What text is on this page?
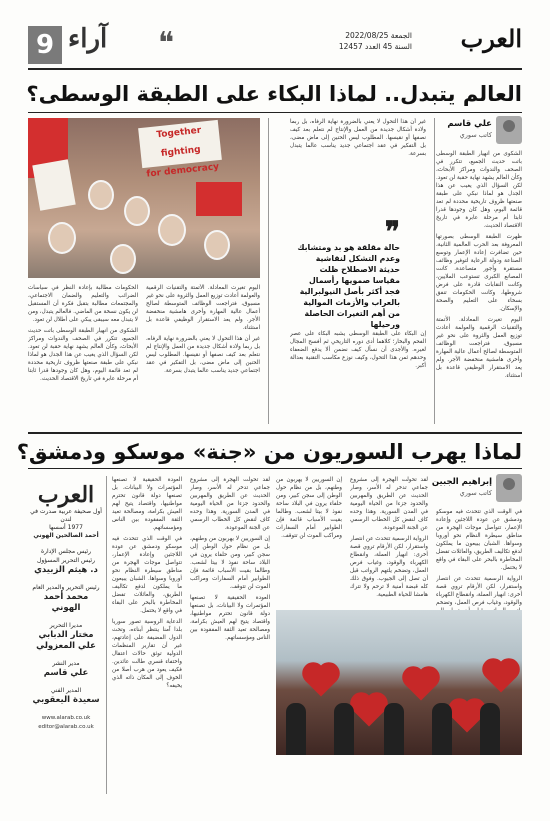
9 آراء ❝	الجمعة 2022/08/25
السنة 45 العدد 12457 العرب
العالم يتبدل.. لماذا البكاء على الطبقة الوسطى؟
علي قاسم
كاتب سوري

الشكوى من انهيار الطبقة الوسطى باتت حديث الجميع، تتكرر في الصحف والندوات ومراكز الأبحاث، وكأن العالم يشهد نهاية حقبة لن تعود. لكن السؤال الذي يغيب عن هذا الجدل هو لماذا نبكي على طبقة صنعتها ظروف تاريخية محددة لم تعد قائمة اليوم، وهل كان وجودها قدرا ثابتا أم مرحلة عابرة في تاريخ الاقتصاد الحديث.

ظهرت الطبقة الوسطى بصورتها المعروفة بعد الحرب العالمية الثانية، حين تضافرت إعادة الإعمار وتوسع الصناعة ودولة الرعاية لتوفير وظائف مستقرة وأجور متصاعدة. كانت المصانع الكبرى تستوعب الملايين، وكانت النقابات قادرة على فرض شروطها، وكانت الحكومات تنفق بسخاء على التعليم والصحة والإسكان.

اليوم تغيرت المعادلة. الأتمتة والتقنيات الرقمية والعولمة أعادت توزيع العمل والثروة على نحو غير مسبوق، فتراجعت الوظائف المتوسطة لصالح أعمال عالية المهارة وأخرى هامشية منخفضة الأجر. ولم يعد الاستقرار الوظيفي قاعدة بل استثناء.

غير أن هذا التحول لا يعني بالضرورة نهاية الرفاه، بل ربما ولادة أشكال جديدة من العمل والإنتاج لم نتعلم بعد كيف نصفها أو نقيسها. المطلوب ليس الحنين إلى ماض مضى، بل التفكير في عقد اجتماعي جديد يناسب عالما يتبدل بسرعة.

❞
حالة مقلقة هو بد ومتشابك وعدم التشكل لنقاشية حديثة الاصطلاح ظلت مقياسا صمويها رأسمال فجد أكثر بأصل النيولبرالية بالعراب والأزمات الموالية من أهم التغيرات الحاصلة ورحيلها

إن البكاء على الطبقة الوسطى يشبه البكاء على عصر الفحم والبخار؛ كلاهما أدى دوره التاريخي ثم أفسح المجال لغيره. والأجدى أن نسأل كيف نضمن ألا يدفع الضعفاء وحدهم ثمن هذا التحول، وكيف نوزع مكاسب التقنية بعدالة أكبر.

Together fighting
for democracy

الحكومات مطالبة بإعادة النظر في سياسات الضرائب والتعليم والضمان الاجتماعي، والمجتمعات مطالبة بتقبل فكرة أن المستقبل لن يكون نسخة من الماضي. فالعالم يتبدل، ومن لا يتبدل معه سيبقى يبكي على أطلال لن تعود.

الشكوى من انهيار الطبقة الوسطى باتت حديث الجميع، تتكرر في الصحف والندوات ومراكز الأبحاث، وكأن العالم يشهد نهاية حقبة لن تعود. لكن السؤال الذي يغيب عن هذا الجدل هو لماذا نبكي على طبقة صنعتها ظروف تاريخية محددة لم تعد قائمة اليوم، وهل كان وجودها قدرا ثابتا أم مرحلة عابرة في تاريخ الاقتصاد الحديث.

اليوم تغيرت المعادلة. الأتمتة والتقنيات الرقمية والعولمة أعادت توزيع العمل والثروة على نحو غير مسبوق، فتراجعت الوظائف المتوسطة لصالح أعمال عالية المهارة وأخرى هامشية منخفضة الأجر. ولم يعد الاستقرار الوظيفي قاعدة بل استثناء.

غير أن هذا التحول لا يعني بالضرورة نهاية الرفاه، بل ربما ولادة أشكال جديدة من العمل والإنتاج لم نتعلم بعد كيف نصفها أو نقيسها. المطلوب ليس الحنين إلى ماض مضى، بل التفكير في عقد اجتماعي جديد يناسب عالما يتبدل بسرعة.

لماذا يهرب السوريون من «جنة» موسكو ودمشق؟
إبراهيم الجبين
كاتب سوري

في الوقت الذي تتحدث فيه موسكو ودمشق عن عودة اللاجئين وإعادة الإعمار، تتواصل موجات الهجرة من مناطق سيطرة النظام نحو أوروبا وسواها. الشبان يبيعون ما يملكون لدفع تكاليف الطريق، والعائلات تفضل المخاطرة بالبحر على البقاء في واقع لا يحتمل.

الرواية الرسمية تتحدث عن انتصار واستقرار، لكن الأرقام تروي قصة أخرى: انهيار العملة، وانقطاع الكهرباء والوقود، وغياب فرص العمل، وتضخم

لقد تحولت الهجرة إلى مشروع جماعي تدخر له الأسر، وصار الحديث عن الطريق والمهربين والحدود جزءا من الحياة اليومية في المدن السورية. وهذا وحده كاف لنقض كل الخطاب الرسمي عن الجنة الموعودة.

الرواية الرسمية تتحدث عن انتصار واستقرار، لكن الأرقام تروي قصة أخرى: انهيار العملة، وانقطاع الكهرباء والوقود، وغياب فرص العمل، وتضخم يلتهم الرواتب قبل أن تصل إلى الجيوب. وفوق ذلك كله قبضة أمنية لا ترحم ولا تترك هامشا للحياة الطبيعية.

إن السوريين لا يهربون من وطنهم، بل من نظام حول الوطن إلى سجن كبير، ومن حلفاء يرون في البلاد ساحة نفوذ لا بيتا لشعب. وطالما بقيت الأسباب قائمة فإن الطوابير أمام السفارات ومراكب الموت لن تتوقف.

العودة الحقيقية لا تصنعها المؤتمرات ولا البيانات، بل تصنعها دولة قانون تحترم مواطنيها، واقتصاد يتيح لهم العيش بكرامة، ومصالحة تعيد الثقة المفقودة بين الناس ومؤسساتهم.

في الوقت الذي تتحدث فيه موسكو ودمشق عن عودة اللاجئين وإعادة الإعمار، تتواصل موجات الهجرة من مناطق سيطرة النظام نحو أوروبا وسواها. الشبان يبيعون ما يملكون لدفع تكاليف الطريق، والعائلات تفضل المخاطرة بالبحر على البقاء في واقع لا يحتمل.

الدعاية الروسية تصور سوريا بلدا آمنا ينتظر أبناءه، وتحث الدول المضيفة على إعادتهم، غير أن تقارير المنظمات الدولية توثق حالات اعتقال واختفاء قسري طالت عائدين. فكيف يعود من هرب أصلا من الخوف إلى المكان ذاته الذي يخيفه؟

لقد تحولت الهجرة إلى مشروع جماعي تدخر له الأسر، وصار الحديث عن الطريق والمهربين والحدود جزءا من الحياة اليومية في المدن السورية. وهذا وحده كاف لنقض كل الخطاب الرسمي عن الجنة الموعودة.

إن السوريين لا يهربون من وطنهم، بل من نظام حول الوطن إلى سجن كبير، ومن حلفاء يرون في البلاد ساحة نفوذ لا بيتا لشعب. وطالما بقيت الأسباب قائمة فإن الطوابير أمام السفارات ومراكب الموت لن تتوقف.

العودة الحقيقية لا تصنعها المؤتمرات ولا البيانات، بل تصنعها دولة قانون تحترم مواطنيها، واقتصاد يتيح لهم العيش بكرامة، ومصالحة تعيد الثقة المفقودة بين الناس ومؤسساتهم.

العرب
أول صحيفة عربية صدرت في لندن
1977 أسسها
أحمد الصالحين الهوني
رئيس مجلس الإدارة
رئيس التحرير المسؤول
د. هيثم الزبيدي
رئيس التحرير والمدير العام
محمد أحمد الهوني
مديرا التحرير
مختار الدبابي
علي المعزولي
مدير النشر
علي قاسم
المدير الفني
سعيدة اليعقوبي
www.alarab.co.uk
editor@alarab.co.uk
